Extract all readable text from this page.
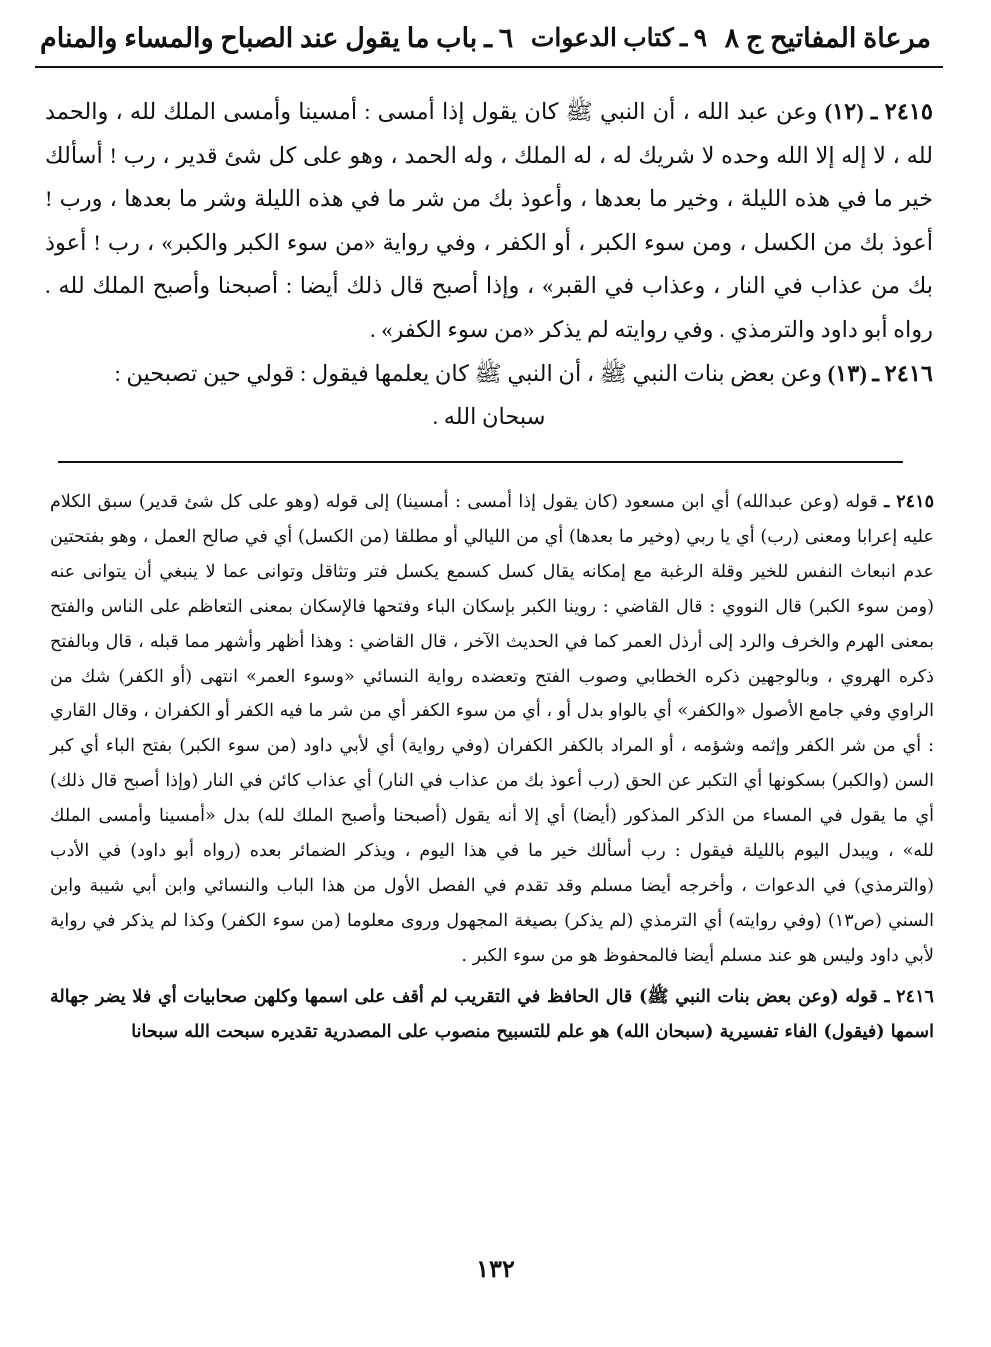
مرعاة المفاتيح ج ٨
٩ ـ كتاب الدعوات
٦ ـ باب ما يقول عند الصباح والمساء والمنام

٢٤١٥ ـ (١٢) وعن عبد الله ، أن النبي ﷺ كان يقول إذا أمسى : أمسينا وأمسى الملك لله ، والحمد لله ، لا إله إلا الله وحده لا شريك له ، له الملك ، وله الحمد ، وهو على كل شئ قدير ، رب ! أسألك خير ما في هذه الليلة ، وخير ما بعدها ، وأعوذ بك من شر ما في هذه الليلة وشر ما بعدها ، ورب ! أعوذ بك من الكسل ، ومن سوء الكبر ، أو الكفر ، وفي رواية «من سوء الكبر والكبر» ، رب ! أعوذ بك من عذاب في النار ، وعذاب في القبر» ، وإذا أصبح قال ذلك أيضا : أصبحنا وأصبح الملك لله . رواه أبو داود والترمذي . وفي روايته لم يذكر «من سوء الكفر» .

٢٤١٦ ـ (١٣) وعن بعض بنات النبي ﷺ ، أن النبي ﷺ كان يعلمها فيقول : قولي حين تصبحين :

سبحان الله .

٢٤١٥ ـ قوله (وعن عبدالله) أي ابن مسعود (كان يقول إذا أمسى : أمسينا) إلى قوله (وهو على كل شئ قدير) سبق الكلام عليه إعرابا ومعنى (رب) أي يا ربي (وخير ما بعدها) أي من الليالي أو مطلقا (من الكسل) أي في صالح العمل ، وهو بفتحتين عدم انبعاث النفس للخير وقلة الرغبة مع إمكانه يقال كسل كسمع يكسل فتر وتثاقل وتوانى عما لا ينبغي أن يتوانى عنه (ومن سوء الكبر) قال النووي : قال القاضي : روينا الكبر بإسكان الباء وفتحها فالإسكان بمعنى التعاظم على الناس والفتح بمعنى الهرم والخرف والرد إلى أرذل العمر كما في الحديث الآخر ، قال القاضي : وهذا أظهر وأشهر مما قبله ، قال وبالفتح ذكره الهروي ، وبالوجهين ذكره الخطابي وصوب الفتح وتعضده رواية النسائي «وسوء العمر» انتهى (أو الكفر) شك من الراوي وفي جامع الأصول «والكفر» أي بالواو بدل أو ، أي من سوء الكفر أي من شر ما فيه الكفر أو الكفران ، وقال القاري : أي من شر الكفر وإثمه وشؤمه ، أو المراد بالكفر الكفران (وفي رواية) أي لأبي داود (من سوء الكبر) بفتح الباء أي كبر السن (والكبر) بسكونها أي التكبر عن الحق (رب أعوذ بك من عذاب في النار) أي عذاب كائن في النار (وإذا أصبح قال ذلك) أي ما يقول في المساء من الذكر المذكور (أيضا) أي إلا أنه يقول (أصبحنا وأصبح الملك لله) بدل «أمسينا وأمسى الملك لله» ، ويبدل اليوم بالليلة فيقول : رب أسألك خير ما في هذا اليوم ، ويذكر الضمائر بعده (رواه أبو داود) في الأدب (والترمذي) في الدعوات ، وأخرجه أيضا مسلم وقد تقدم في الفصل الأول من هذا الباب والنسائي وابن أبي شيبة وابن السني (ص١٣) (وفي روايته) أي الترمذي (لم يذكر) بصيغة المجهول وروى معلوما (من سوء الكفر) وكذا لم يذكر في رواية لأبي داود وليس هو عند مسلم أيضا فالمحفوظ هو من سوء الكبر .

٢٤١٦ ـ قوله (وعن بعض بنات النبي ﷺ) قال الحافظ في التقريب لم أقف على اسمها وكلهن صحابيات أي فلا يضر جهالة اسمها (فيقول) الفاء تفسيرية (سبحان الله) هو علم للتسبيح منصوب على المصدرية تقديره سبحت الله سبحانا

١٣٢
